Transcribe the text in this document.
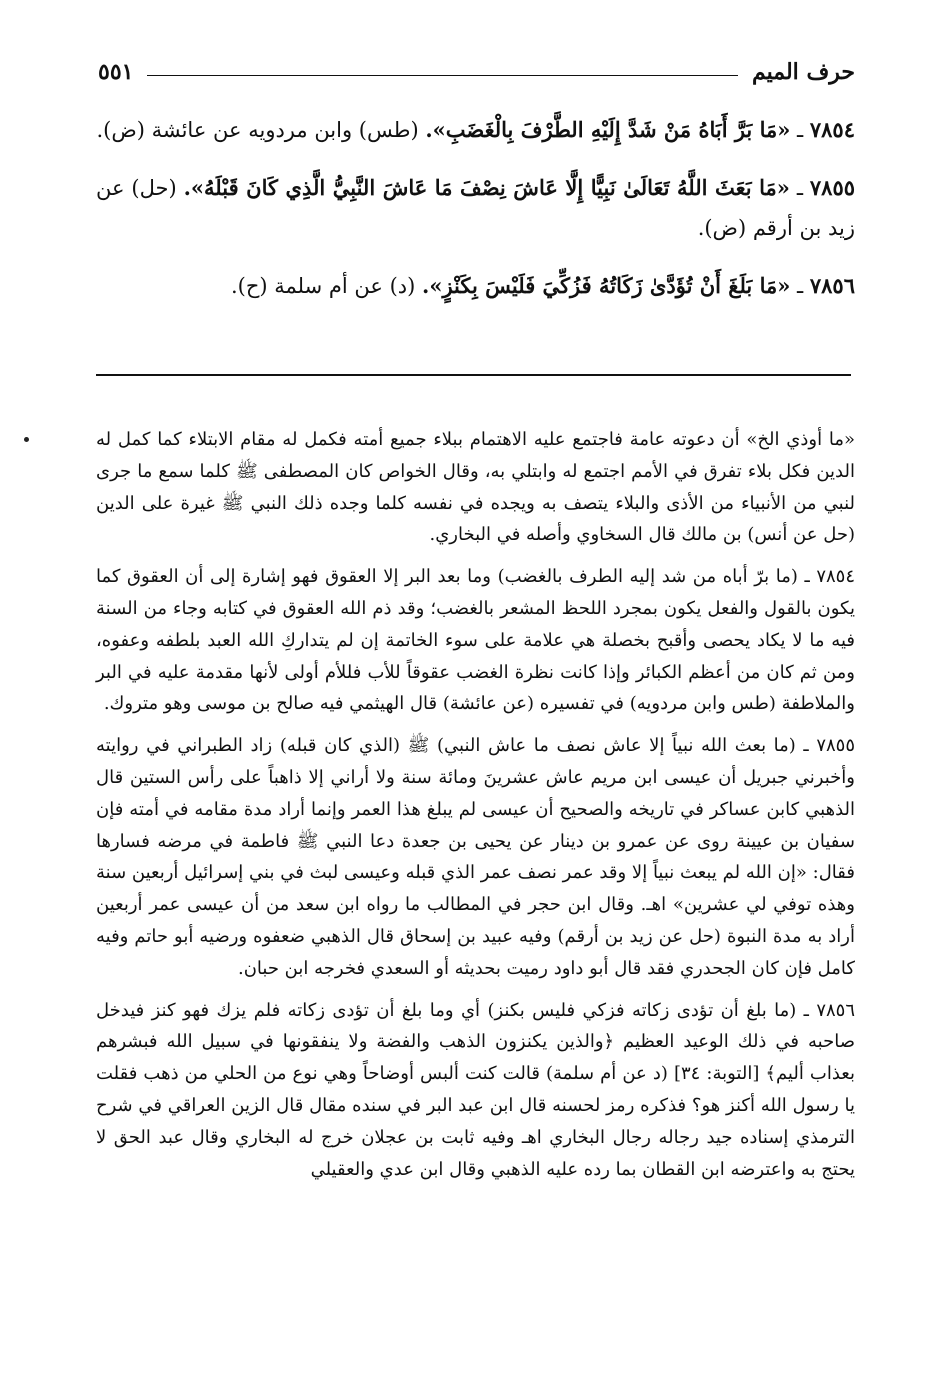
حرف الميم
٥٥١

٧٨٥٤ ـ «مَا بَرَّ أَبَاهُ مَنْ شَدَّ إِلَيْهِ الطَّرْفَ بِالْغَضَبِ». (طس) وابن مردويه عن عائشة (ض).

٧٨٥٥ ـ «مَا بَعَثَ اللَّهُ تَعَالَىٰ نَبِيًّا إِلَّا عَاشَ نِصْفَ مَا عَاشَ النَّبِيُّ الَّذِي كَانَ قَبْلَهُ». (حل) عن زيد بن أرقم (ض).

٧٨٥٦ ـ «مَا بَلَغَ أَنْ تُؤَدَّىٰ زَكَاتُهُ فَزُكِّيَ فَلَيْسَ بِكَنْزٍ». (د) عن أم سلمة (ح).

«ما أوذي الخ» أن دعوته عامة فاجتمع عليه الاهتمام ببلاء جميع أمته فكمل له مقام الابتلاء كما كمل له الدين فكل بلاء تفرق في الأمم اجتمع له وابتلي به، وقال الخواص كان المصطفى ﷺ كلما سمع ما جرى لنبي من الأنبياء من الأذى والبلاء يتصف به ويجده في نفسه كلما وجده ذلك النبي ﷺ غيرة على الدين (حل عن أنس) بن مالك قال السخاوي وأصله في البخاري.

٧٨٥٤ ـ (ما برّ أباه من شد إليه الطرف بالغضب) وما بعد البر إلا العقوق فهو إشارة إلى أن العقوق كما يكون بالقول والفعل يكون بمجرد اللحظ المشعر بالغضب؛ وقد ذم الله العقوق في كتابه وجاء من السنة فيه ما لا يكاد يحصى وأقبح بخصلة هي علامة على سوء الخاتمة إن لم يتداركِ الله العبد بلطفه وعفوه، ومن ثم كان من أعظم الكبائر وإذا كانت نظرة الغضب عقوقاً للأب فللأم أولى لأنها مقدمة عليه في البر والملاطفة (طس وابن مردويه) في تفسيره (عن عائشة) قال الهيثمي فيه صالح بن موسى وهو متروك.

٧٨٥٥ ـ (ما بعث الله نبياً إلا عاش نصف ما عاش النبي) ﷺ (الذي كان قبله) زاد الطبراني في روايته وأخبرني جبريل أن عيسى ابن مريم عاش عشرينَ ومائة سنة ولا أراني إلا ذاهباً على رأس الستين قال الذهبي كابن عساكر في تاريخه والصحيح أن عيسى لم يبلغ هذا العمر وإنما أراد مدة مقامه في أمته فإن سفيان بن عيينة روى عن عمرو بن دينار عن يحيى بن جعدة دعا النبي ﷺ فاطمة في مرضه فسارها فقال: «إن الله لم يبعث نبياً إلا وقد عمر نصف عمر الذي قبله وعيسى لبث في بني إسرائيل أربعين سنة وهذه توفي لي عشرين» اهـ. وقال ابن حجر في المطالب ما رواه ابن سعد من أن عيسى عمر أربعين أراد به مدة النبوة (حل عن زيد بن أرقم) وفيه عبيد بن إسحاق قال الذهبي ضعفوه ورضيه أبو حاتم وفيه كامل فإن كان الجحدري فقد قال أبو داود رميت بحديثه أو السعدي فخرجه ابن حبان.

٧٨٥٦ ـ (ما بلغ أن تؤدى زكاته فزكي فليس بكنز) أي وما بلغ أن تؤدى زكاته فلم يزك فهو كنز فيدخل صاحبه في ذلك الوعيد العظيم ﴿والذين يكنزون الذهب والفضة ولا ينفقونها في سبيل الله فبشرهم بعذاب أليم﴾ [التوبة: ٣٤] (د عن أم سلمة) قالت كنت ألبس أوضاحاً وهي نوع من الحلي من ذهب فقلت يا رسول الله أكنز هو؟ فذكره رمز لحسنه قال ابن عبد البر في سنده مقال قال الزين العراقي في شرح الترمذي إسناده جيد رجاله رجال البخاري اهـ وفيه ثابت بن عجلان خرج له البخاري وقال عبد الحق لا يحتج به واعترضه ابن القطان بما رده عليه الذهبي وقال ابن عدي والعقيلي
